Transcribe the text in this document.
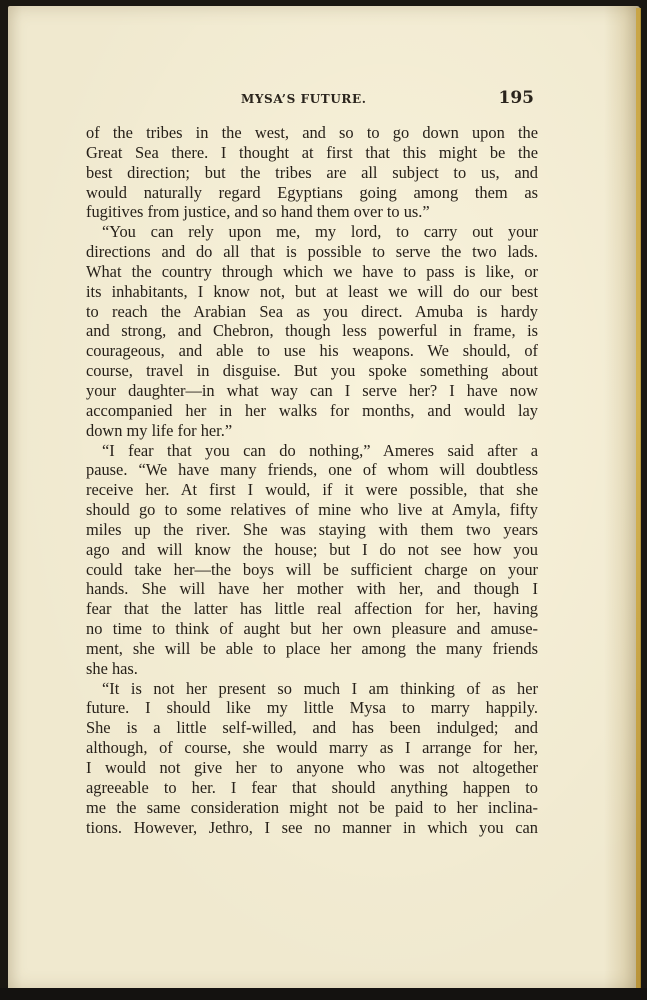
MYSA’S FUTURE.	195
of the tribes in the west, and so to go down upon the
Great Sea there. I thought at first that this might be the
best direction; but the tribes are all subject to us, and
would naturally regard Egyptians going among them as
fugitives from justice, and so hand them over to us.”
“You can rely upon me, my lord, to carry out your
directions and do all that is possible to serve the two lads.
What the country through which we have to pass is like, or
its inhabitants, I know not, but at least we will do our best
to reach the Arabian Sea as you direct. Amuba is hardy
and strong, and Chebron, though less powerful in frame, is
courageous, and able to use his weapons. We should, of
course, travel in disguise. But you spoke something about
your daughter—in what way can I serve her? I have now
accompanied her in her walks for months, and would lay
down my life for her.”
“I fear that you can do nothing,” Ameres said after a
pause. “We have many friends, one of whom will doubtless
receive her. At first I would, if it were possible, that she
should go to some relatives of mine who live at Amyla, fifty
miles up the river. She was staying with them two years
ago and will know the house; but I do not see how you
could take her—the boys will be sufficient charge on your
hands. She will have her mother with her, and though I
fear that the latter has little real affection for her, having
no time to think of aught but her own pleasure and amuse-
ment, she will be able to place her among the many friends
she has.
“It is not her present so much I am thinking of as her
future. I should like my little Mysa to marry happily.
She is a little self-willed, and has been indulged; and
although, of course, she would marry as I arrange for her,
I would not give her to anyone who was not altogether
agreeable to her. I fear that should anything happen to
me the same consideration might not be paid to her inclina-
tions. However, Jethro, I see no manner in which you can
